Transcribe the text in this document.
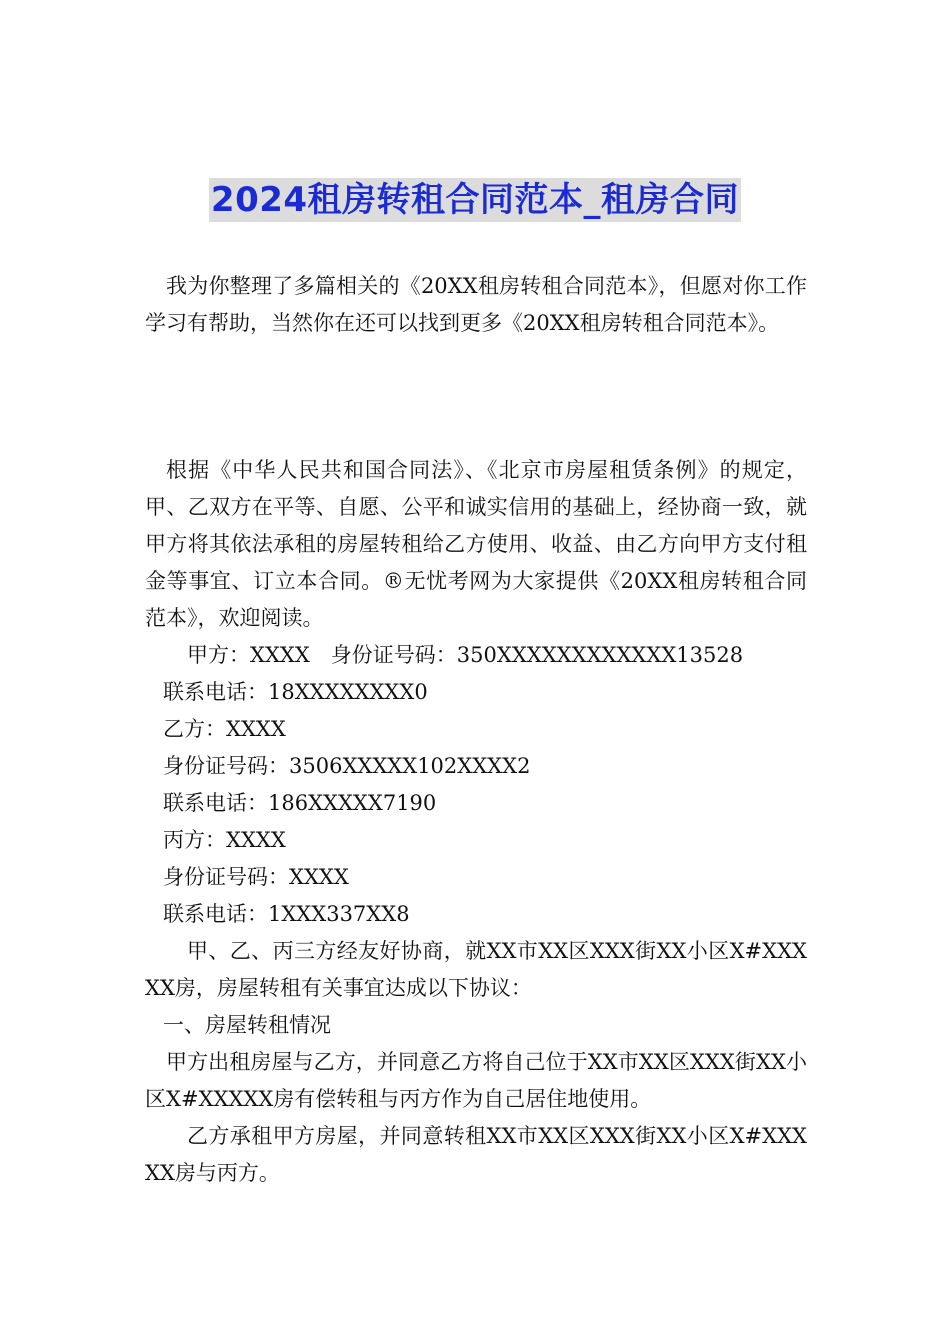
2024租房转租合同范本_租房合同

我为你整理了多篇相关的《20XX租房转租合同范本》，但愿对你工作学习有帮助，当然你在还可以找到更多《20XX租房转租合同范本》。

根据《中华人民共和国合同法》、《北京市房屋租赁条例》的规定，甲、乙双方在平等、自愿、公平和诚实信用的基础上，经协商一致，就甲方将其依法承租的房屋转租给乙方使用、收益、由乙方向甲方支付租金等事宜、订立本合同。®无忧考网为大家提供《20XX租房转租合同范本》，欢迎阅读。

甲方：XXXX　身份证号码：350XXXXXXXXXXXX13528

联系电话：18XXXXXXXX0

乙方：XXXX

身份证号码：3506XXXXX102XXXX2

联系电话：186XXXXX7190

丙方：XXXX

身份证号码：XXXX

联系电话：1XXX337XX8

甲、乙、丙三方经友好协商，就XX市XX区XXX街XX小区X#XXXXX房，房屋转租有关事宜达成以下协议：

一、房屋转租情况

甲方出租房屋与乙方，并同意乙方将自己位于XX市XX区XXX街XX小区X#XXXXX房有偿转租与丙方作为自己居住地使用。

乙方承租甲方房屋，并同意转租XX市XX区XXX街XX小区X#XXXXX房与丙方。
